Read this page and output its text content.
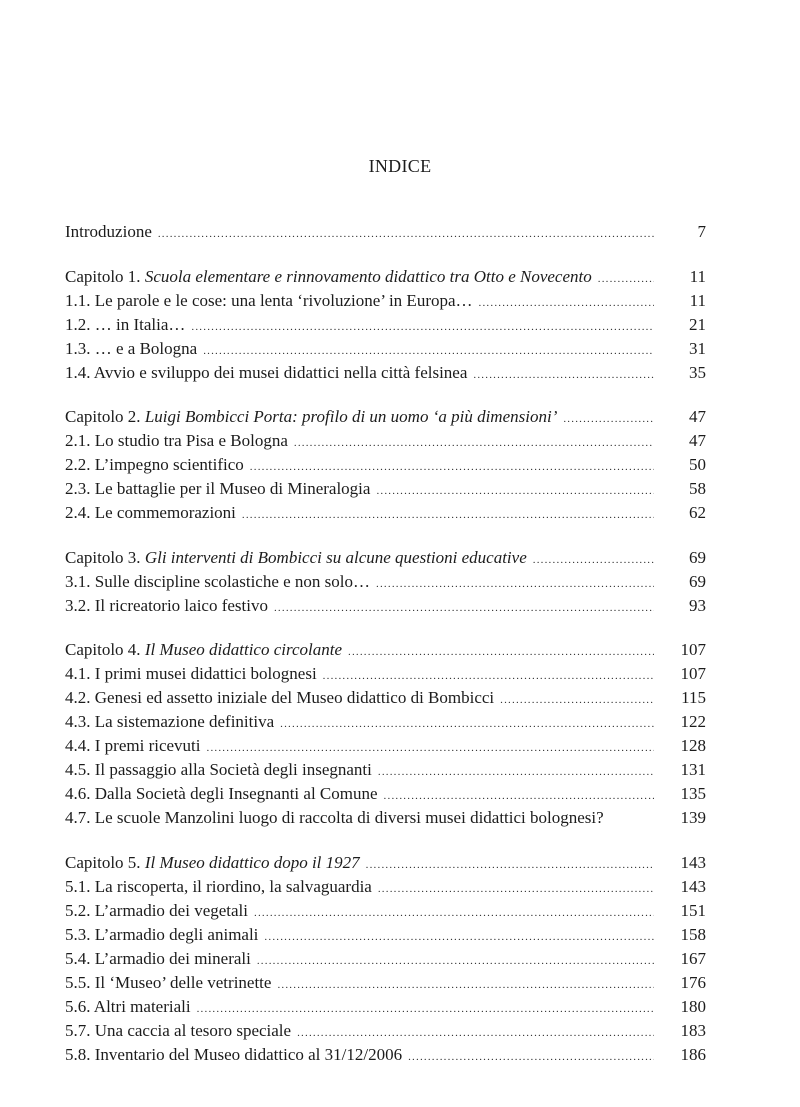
INDICE
Introduzione .....	7
Capitolo 1. Scuola elementare e rinnovamento didattico tra Otto e Novecento .....	11
1.1. Le parole e le cose: una lenta ‘rivoluzione’ in Europa… .....	11
1.2. … in Italia… .....	21
1.3. … e a Bologna .....	31
1.4. Avvio e sviluppo dei musei didattici nella città felsinea .....	35
Capitolo 2. Luigi Bombicci Porta: profilo di un uomo ‘a più dimensioni’ .....	47
2.1. Lo studio tra Pisa e Bologna .....	47
2.2. L’impegno scientifico .....	50
2.3. Le battaglie per il Museo di Mineralogia .....	58
2.4. Le commemorazioni .....	62
Capitolo 3. Gli interventi di Bombicci su alcune questioni educative .....	69
3.1. Sulle discipline scolastiche e non solo… .....	69
3.2. Il ricreatorio laico festivo .....	93
Capitolo 4. Il Museo didattico circolante .....	107
4.1. I primi musei didattici bolognesi .....	107
4.2. Genesi ed assetto iniziale del Museo didattico di Bombicci .....	115
4.3. La sistemazione definitiva .....	122
4.4. I premi ricevuti .....	128
4.5. Il passaggio alla Società degli insegnanti .....	131
4.6. Dalla Società degli Insegnanti al Comune .....	135
4.7. Le scuole Manzolini luogo di raccolta di diversi musei didattici bolognesi?	139
Capitolo 5. Il Museo didattico dopo il 1927 .....	143
5.1. La riscoperta, il riordino, la salvaguardia .....	143
5.2. L’armadio dei vegetali .....	151
5.3. L’armadio degli animali .....	158
5.4. L’armadio dei minerali .....	167
5.5. Il ‘Museo’ delle vetrinette .....	176
5.6. Altri materiali .....	180
5.7. Una caccia al tesoro speciale .....	183
5.8. Inventario del Museo didattico al 31/12/2006 .....	186
